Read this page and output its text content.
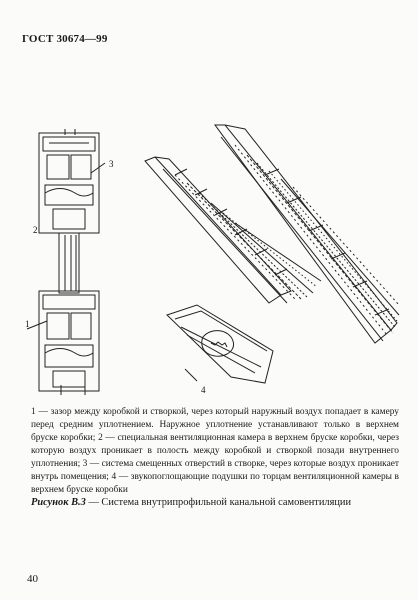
ГОСТ 30674—99
1
3
2
4
1 — зазор между коробкой и створкой, через который наружный воздух попадает в камеру перед средним уплотнением. Наружное уплотнение устанавливают только в верхнем бруске коробки; 2 — специальная вентиляционная камера в верхнем бруске коробки, через которую воздух проникает в полость между коробкой и створкой позади внутреннего уплотнения; 3 — система смещенных отверстий в створке, через которые воздух проникает внутрь помещения; 4 — звукопоглощающие подушки по торцам вентиляционной камеры в верхнем бруске коробки
Рисунок В.3 — Система внутрипрофильной канальной самовентиляции
40
